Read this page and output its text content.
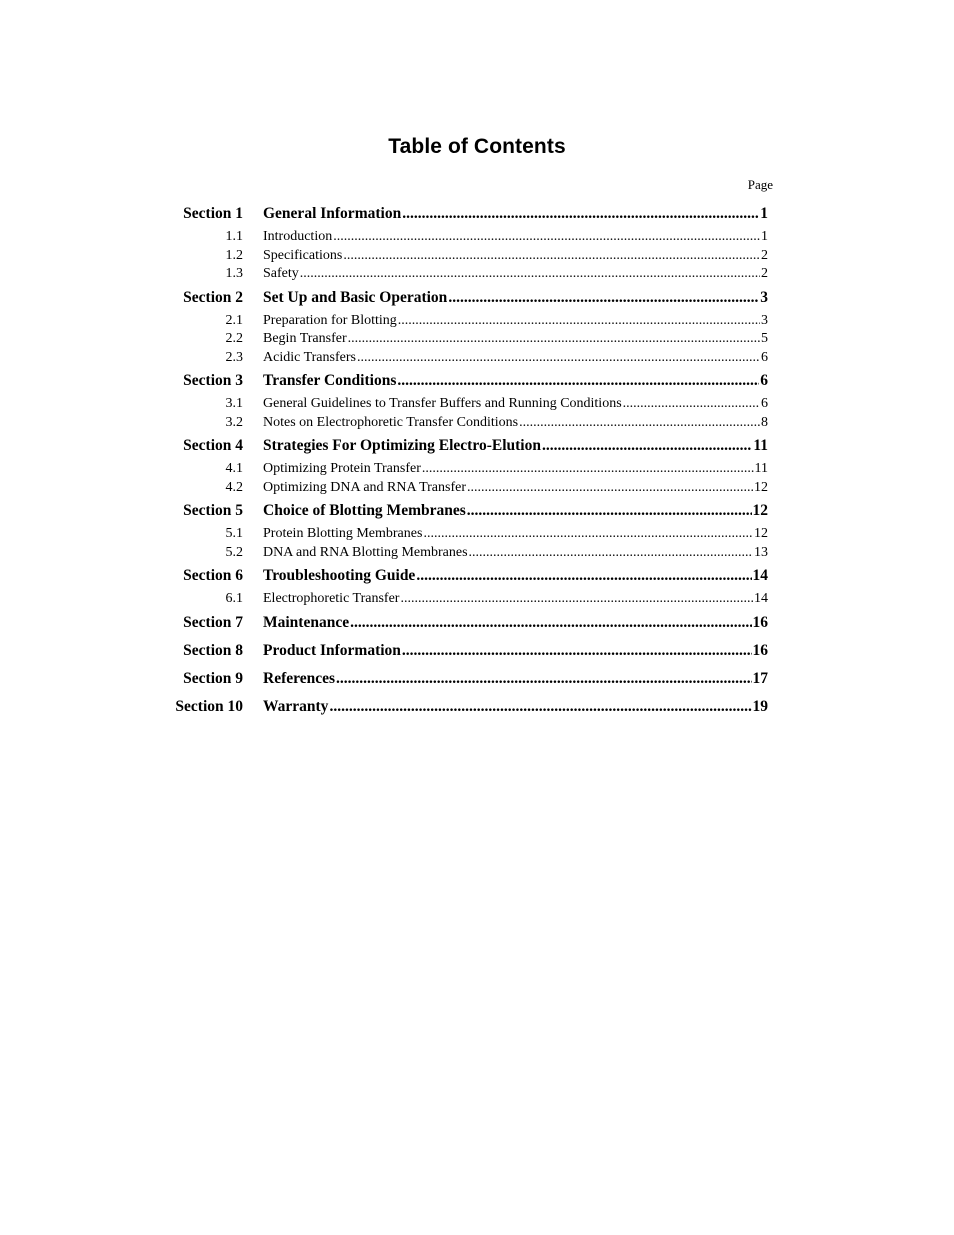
Table of Contents
Page
Section 1 General Information .....	1
1.1 Introduction .....	1
1.2 Specifications .....	2
1.3 Safety .....	2
Section 2 Set Up and Basic Operation .....	3
2.1 Preparation for Blotting .....	3
2.2 Begin Transfer .....	5
2.3 Acidic Transfers .....	6
Section 3 Transfer Conditions .....	6
3.1 General Guidelines to Transfer Buffers and Running Conditions .....	6
3.2 Notes on Electrophoretic Transfer Conditions .....	8
Section 4 Strategies For Optimizing Electro-Elution .....	11
4.1 Optimizing Protein Transfer .....	11
4.2 Optimizing DNA and RNA Transfer .....	12
Section 5 Choice of Blotting Membranes .....	12
5.1 Protein Blotting Membranes .....	12
5.2 DNA and RNA Blotting Membranes .....	13
Section 6 Troubleshooting Guide .....	14
6.1 Electrophoretic Transfer .....	14
Section 7 Maintenance .....	16
Section 8 Product Information .....	16
Section 9 References .....	17
Section 10 Warranty .....	19
